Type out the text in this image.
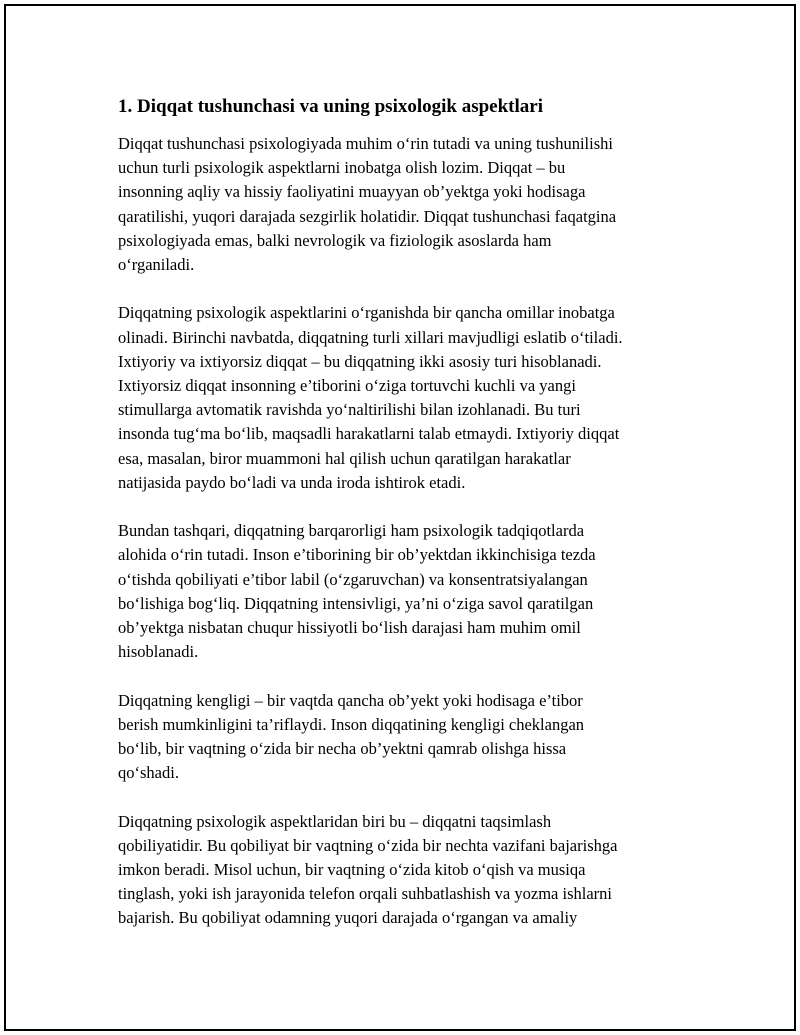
1. Diqqat tushunchasi va uning psixologik aspektlari

Diqqat tushunchasi psixologiyada muhim o‘rin tutadi va uning tushunilishi
uchun turli psixologik aspektlarni inobatga olish lozim. Diqqat – bu
insonning aqliy va hissiy faoliyatini muayyan ob’yektga yoki hodisaga
qaratilishi, yuqori darajada sezgirlik holatidir. Diqqat tushunchasi faqatgina
psixologiyada emas, balki nevrologik va fiziologik asoslarda ham
o‘rganiladi.

Diqqatning psixologik aspektlarini o‘rganishda bir qancha omillar inobatga
olinadi. Birinchi navbatda, diqqatning turli xillari mavjudligi eslatib o‘tiladi.
Ixtiyoriy va ixtiyorsiz diqqat – bu diqqatning ikki asosiy turi hisoblanadi.
Ixtiyorsiz diqqat insonning e’tiborini o‘ziga tortuvchi kuchli va yangi
stimullarga avtomatik ravishda yo‘naltirilishi bilan izohlanadi. Bu turi
insonda tug‘ma bo‘lib, maqsadli harakatlarni talab etmaydi. Ixtiyoriy diqqat
esa, masalan, biror muammoni hal qilish uchun qaratilgan harakatlar
natijasida paydo bo‘ladi va unda iroda ishtirok etadi.

Bundan tashqari, diqqatning barqarorligi ham psixologik tadqiqotlarda
alohida o‘rin tutadi. Inson e’tiborining bir ob’yektdan ikkinchisiga tezda
o‘tishda qobiliyati e’tibor labil (o‘zgaruvchan) va konsentratsiyalangan
bo‘lishiga bog‘liq. Diqqatning intensivligi, ya’ni o‘ziga savol qaratilgan
ob’yektga nisbatan chuqur hissiyotli bo‘lish darajasi ham muhim omil
hisoblanadi.

Diqqatning kengligi – bir vaqtda qancha ob’yekt yoki hodisaga e’tibor
berish mumkinligini ta’riflaydi. Inson diqqatining kengligi cheklangan
bo‘lib, bir vaqtning o‘zida bir necha ob’yektni qamrab olishga hissa
qo‘shadi.

Diqqatning psixologik aspektlaridan biri bu – diqqatni taqsimlash
qobiliyatidir. Bu qobiliyat bir vaqtning o‘zida bir nechta vazifani bajarishga
imkon beradi. Misol uchun, bir vaqtning o‘zida kitob o‘qish va musiqa
tinglash, yoki ish jarayonida telefon orqali suhbatlashish va yozma ishlarni
bajarish. Bu qobiliyat odamning yuqori darajada o‘rgangan va amaliy
